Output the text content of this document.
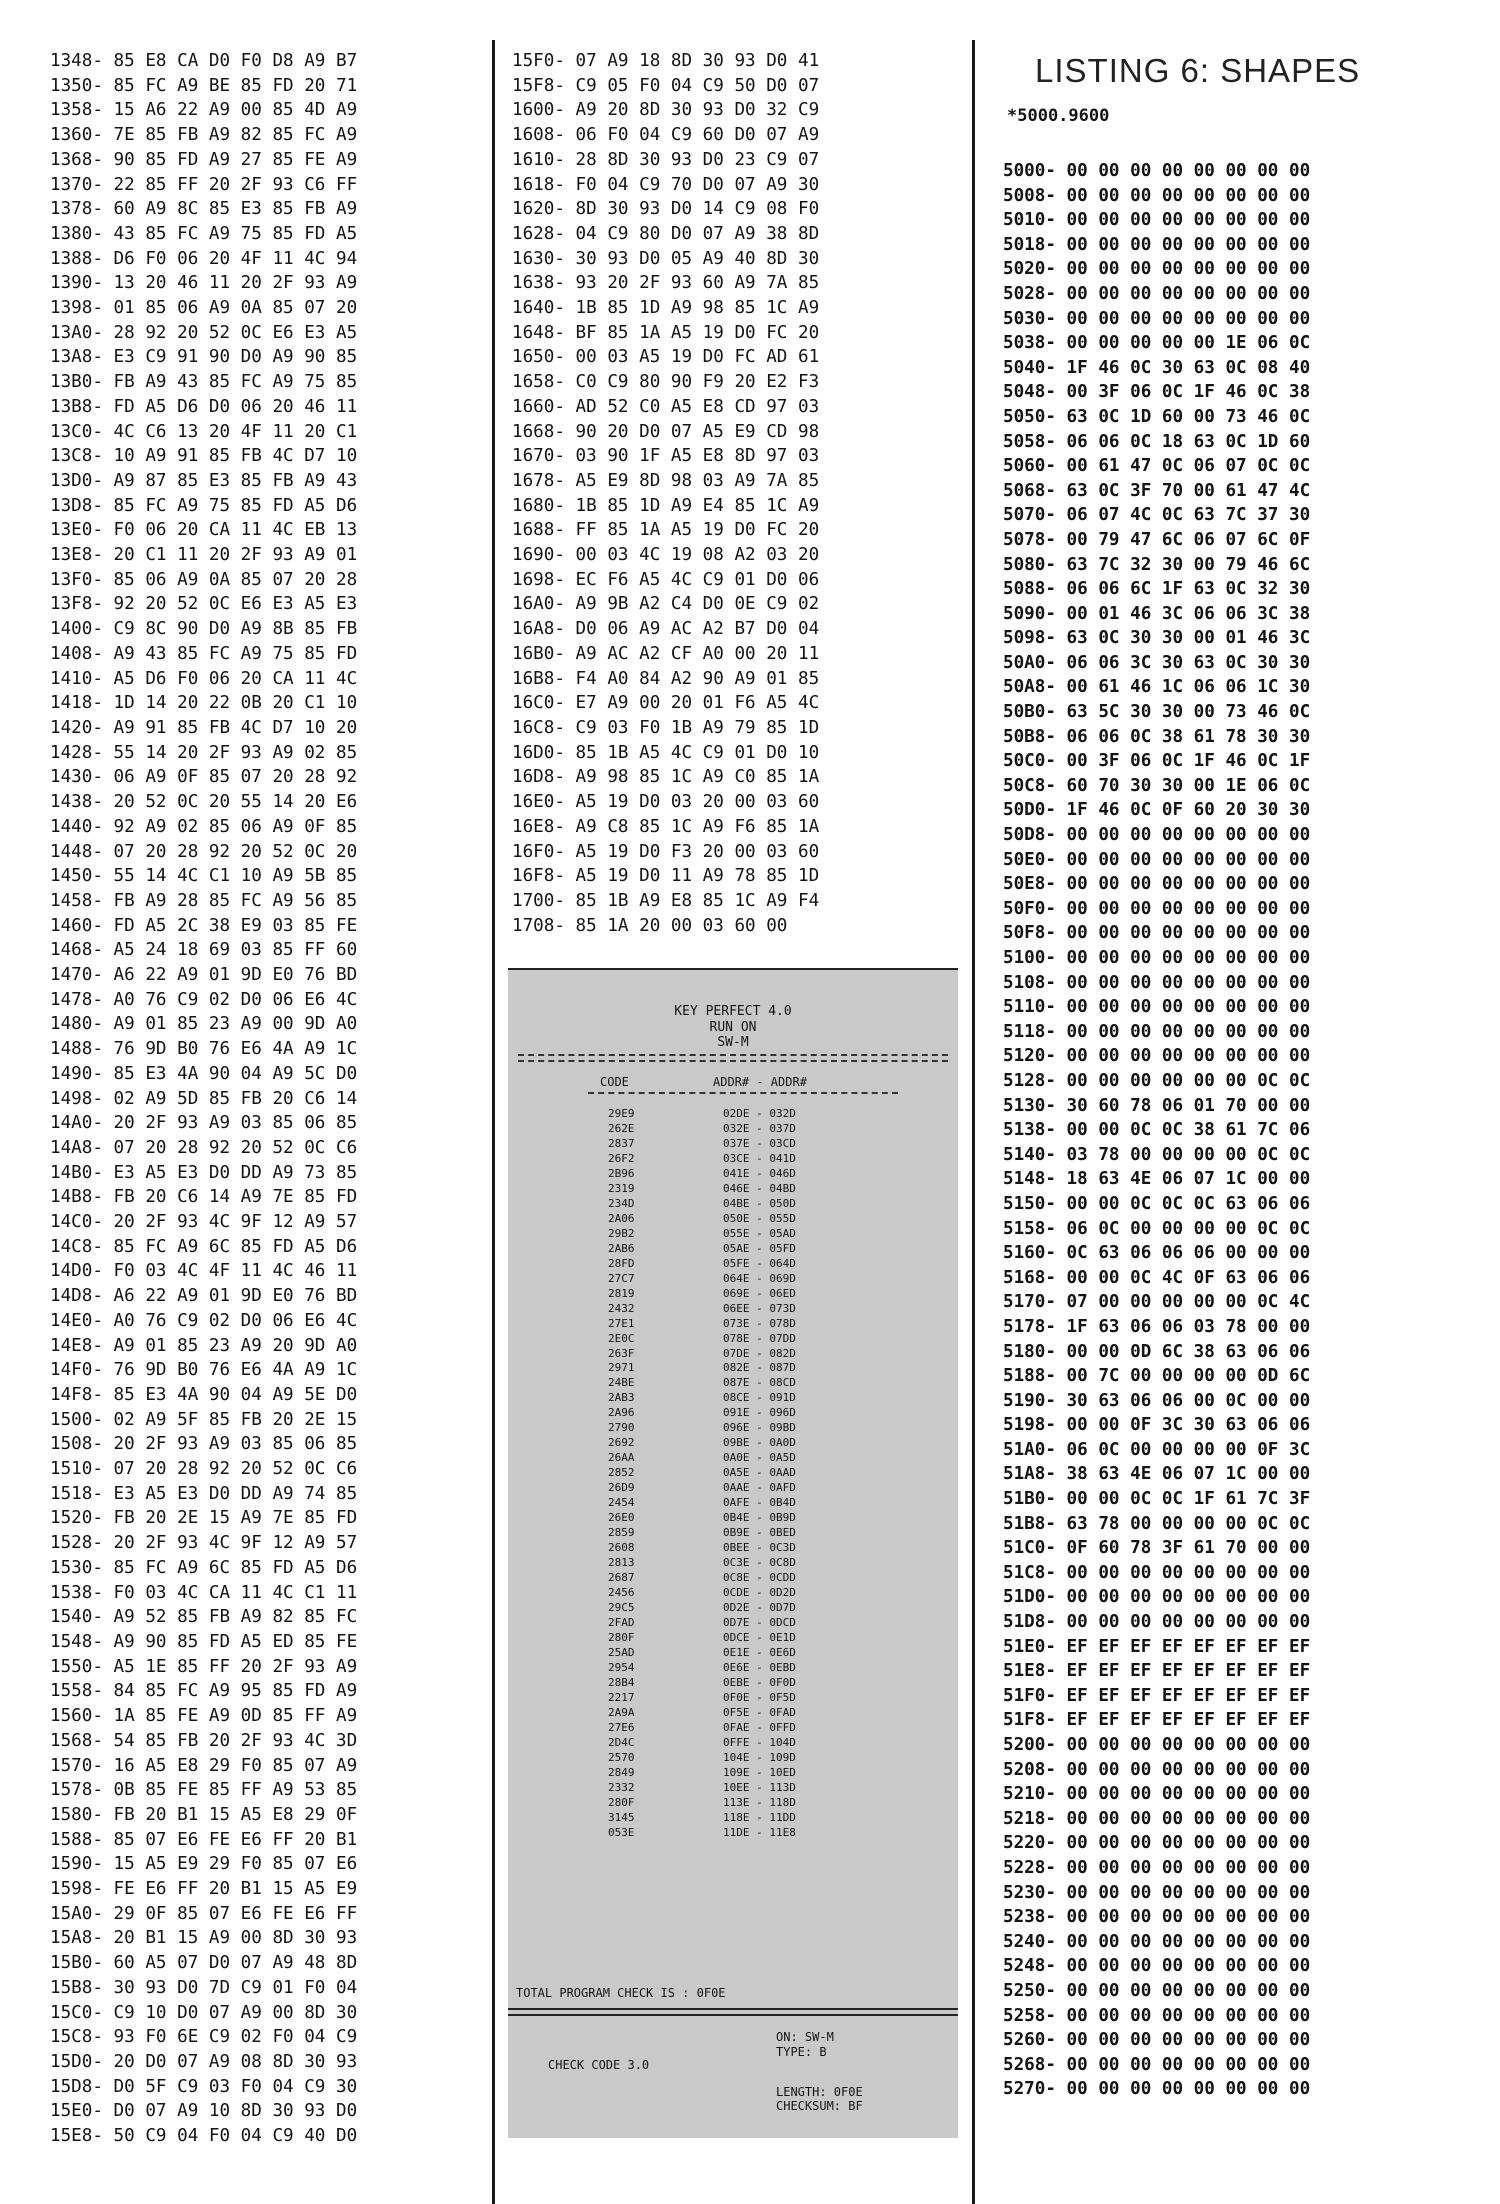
1348- 85 E8 CA D0 F0 D8 A9 B7
1350- 85 FC A9 BE 85 FD 20 71
1358- 15 A6 22 A9 00 85 4D A9
1360- 7E 85 FB A9 82 85 FC A9
1368- 90 85 FD A9 27 85 FE A9
1370- 22 85 FF 20 2F 93 C6 FF
1378- 60 A9 8C 85 E3 85 FB A9
1380- 43 85 FC A9 75 85 FD A5
1388- D6 F0 06 20 4F 11 4C 94
1390- 13 20 46 11 20 2F 93 A9
1398- 01 85 06 A9 0A 85 07 20
13A0- 28 92 20 52 0C E6 E3 A5
13A8- E3 C9 91 90 D0 A9 90 85
13B0- FB A9 43 85 FC A9 75 85
13B8- FD A5 D6 D0 06 20 46 11
13C0- 4C C6 13 20 4F 11 20 C1
13C8- 10 A9 91 85 FB 4C D7 10
13D0- A9 87 85 E3 85 FB A9 43
13D8- 85 FC A9 75 85 FD A5 D6
13E0- F0 06 20 CA 11 4C EB 13
13E8- 20 C1 11 20 2F 93 A9 01
13F0- 85 06 A9 0A 85 07 20 28
13F8- 92 20 52 0C E6 E3 A5 E3
1400- C9 8C 90 D0 A9 8B 85 FB
1408- A9 43 85 FC A9 75 85 FD
1410- A5 D6 F0 06 20 CA 11 4C
1418- 1D 14 20 22 0B 20 C1 10
1420- A9 91 85 FB 4C D7 10 20
1428- 55 14 20 2F 93 A9 02 85
1430- 06 A9 0F 85 07 20 28 92
1438- 20 52 0C 20 55 14 20 E6
1440- 92 A9 02 85 06 A9 0F 85
1448- 07 20 28 92 20 52 0C 20
1450- 55 14 4C C1 10 A9 5B 85
1458- FB A9 28 85 FC A9 56 85
1460- FD A5 2C 38 E9 03 85 FE
1468- A5 24 18 69 03 85 FF 60
1470- A6 22 A9 01 9D E0 76 BD
1478- A0 76 C9 02 D0 06 E6 4C
1480- A9 01 85 23 A9 00 9D A0
1488- 76 9D B0 76 E6 4A A9 1C
1490- 85 E3 4A 90 04 A9 5C D0
1498- 02 A9 5D 85 FB 20 C6 14
14A0- 20 2F 93 A9 03 85 06 85
14A8- 07 20 28 92 20 52 0C C6
14B0- E3 A5 E3 D0 DD A9 73 85
14B8- FB 20 C6 14 A9 7E 85 FD
14C0- 20 2F 93 4C 9F 12 A9 57
14C8- 85 FC A9 6C 85 FD A5 D6
14D0- F0 03 4C 4F 11 4C 46 11
14D8- A6 22 A9 01 9D E0 76 BD
14E0- A0 76 C9 02 D0 06 E6 4C
14E8- A9 01 85 23 A9 20 9D A0
14F0- 76 9D B0 76 E6 4A A9 1C
14F8- 85 E3 4A 90 04 A9 5E D0
1500- 02 A9 5F 85 FB 20 2E 15
1508- 20 2F 93 A9 03 85 06 85
1510- 07 20 28 92 20 52 0C C6
1518- E3 A5 E3 D0 DD A9 74 85
1520- FB 20 2E 15 A9 7E 85 FD
1528- 20 2F 93 4C 9F 12 A9 57
1530- 85 FC A9 6C 85 FD A5 D6
1538- F0 03 4C CA 11 4C C1 11
1540- A9 52 85 FB A9 82 85 FC
1548- A9 90 85 FD A5 ED 85 FE
1550- A5 1E 85 FF 20 2F 93 A9
1558- 84 85 FC A9 95 85 FD A9
1560- 1A 85 FE A9 0D 85 FF A9
1568- 54 85 FB 20 2F 93 4C 3D
1570- 16 A5 E8 29 F0 85 07 A9
1578- 0B 85 FE 85 FF A9 53 85
1580- FB 20 B1 15 A5 E8 29 0F
1588- 85 07 E6 FE E6 FF 20 B1
1590- 15 A5 E9 29 F0 85 07 E6
1598- FE E6 FF 20 B1 15 A5 E9
15A0- 29 0F 85 07 E6 FE E6 FF
15A8- 20 B1 15 A9 00 8D 30 93
15B0- 60 A5 07 D0 07 A9 48 8D
15B8- 30 93 D0 7D C9 01 F0 04
15C0- C9 10 D0 07 A9 00 8D 30
15C8- 93 F0 6E C9 02 F0 04 C9
15D0- 20 D0 07 A9 08 8D 30 93
15D8- D0 5F C9 03 F0 04 C9 30
15E0- D0 07 A9 10 8D 30 93 D0
15E8- 50 C9 04 F0 04 C9 40 D0
15F0- 07 A9 18 8D 30 93 D0 41
15F8- C9 05 F0 04 C9 50 D0 07
1600- A9 20 8D 30 93 D0 32 C9
1608- 06 F0 04 C9 60 D0 07 A9
1610- 28 8D 30 93 D0 23 C9 07
1618- F0 04 C9 70 D0 07 A9 30
1620- 8D 30 93 D0 14 C9 08 F0
1628- 04 C9 80 D0 07 A9 38 8D
1630- 30 93 D0 05 A9 40 8D 30
1638- 93 20 2F 93 60 A9 7A 85
1640- 1B 85 1D A9 98 85 1C A9
1648- BF 85 1A A5 19 D0 FC 20
1650- 00 03 A5 19 D0 FC AD 61
1658- C0 C9 80 90 F9 20 E2 F3
1660- AD 52 C0 A5 E8 CD 97 03
1668- 90 20 D0 07 A5 E9 CD 98
1670- 03 90 1F A5 E8 8D 97 03
1678- A5 E9 8D 98 03 A9 7A 85
1680- 1B 85 1D A9 E4 85 1C A9
1688- FF 85 1A A5 19 D0 FC 20
1690- 00 03 4C 19 08 A2 03 20
1698- EC F6 A5 4C C9 01 D0 06
16A0- A9 9B A2 C4 D0 0E C9 02
16A8- D0 06 A9 AC A2 B7 D0 04
16B0- A9 AC A2 CF A0 00 20 11
16B8- F4 A0 84 A2 90 A9 01 85
16C0- E7 A9 00 20 01 F6 A5 4C
16C8- C9 03 F0 1B A9 79 85 1D
16D0- 85 1B A5 4C C9 01 D0 10
16D8- A9 98 85 1C A9 C0 85 1A
16E0- A5 19 D0 03 20 00 03 60
16E8- A9 C8 85 1C A9 F6 85 1A
16F0- A5 19 D0 F3 20 00 03 60
16F8- A5 19 D0 11 A9 78 85 1D
1700- 85 1B A9 E8 85 1C A9 F4
1708- 85 1A 20 00 03 60 00
LISTING 6: SHAPES
*5000.9600
5000- 00 00 00 00 00 00 00 00
5008- 00 00 00 00 00 00 00 00
5010- 00 00 00 00 00 00 00 00
5018- 00 00 00 00 00 00 00 00
5020- 00 00 00 00 00 00 00 00
5028- 00 00 00 00 00 00 00 00
5030- 00 00 00 00 00 00 00 00
5038- 00 00 00 00 00 1E 06 0C
5040- 1F 46 0C 30 63 0C 08 40
5048- 00 3F 06 0C 1F 46 0C 38
5050- 63 0C 1D 60 00 73 46 0C
5058- 06 06 0C 18 63 0C 1D 60
5060- 00 61 47 0C 06 07 0C 0C
5068- 63 0C 3F 70 00 61 47 4C
5070- 06 07 4C 0C 63 7C 37 30
5078- 00 79 47 6C 06 07 6C 0F
5080- 63 7C 32 30 00 79 46 6C
5088- 06 06 6C 1F 63 0C 32 30
5090- 00 01 46 3C 06 06 3C 38
5098- 63 0C 30 30 00 01 46 3C
50A0- 06 06 3C 30 63 0C 30 30
50A8- 00 61 46 1C 06 06 1C 30
50B0- 63 5C 30 30 00 73 46 0C
50B8- 06 06 0C 38 61 78 30 30
50C0- 00 3F 06 0C 1F 46 0C 1F
50C8- 60 70 30 30 00 1E 06 0C
50D0- 1F 46 0C 0F 60 20 30 30
50D8- 00 00 00 00 00 00 00 00
50E0- 00 00 00 00 00 00 00 00
50E8- 00 00 00 00 00 00 00 00
50F0- 00 00 00 00 00 00 00 00
50F8- 00 00 00 00 00 00 00 00
5100- 00 00 00 00 00 00 00 00
5108- 00 00 00 00 00 00 00 00
5110- 00 00 00 00 00 00 00 00
5118- 00 00 00 00 00 00 00 00
5120- 00 00 00 00 00 00 00 00
5128- 00 00 00 00 00 00 0C 0C
5130- 30 60 78 06 01 70 00 00
5138- 00 00 0C 0C 38 61 7C 06
5140- 03 78 00 00 00 00 0C 0C
5148- 18 63 4E 06 07 1C 00 00
5150- 00 00 0C 0C 0C 63 06 06
5158- 06 0C 00 00 00 00 0C 0C
5160- 0C 63 06 06 06 00 00 00
5168- 00 00 0C 4C 0F 63 06 06
5170- 07 00 00 00 00 00 0C 4C
5178- 1F 63 06 06 03 78 00 00
5180- 00 00 0D 6C 38 63 06 06
5188- 00 7C 00 00 00 00 0D 6C
5190- 30 63 06 06 00 0C 00 00
5198- 00 00 0F 3C 30 63 06 06
51A0- 06 0C 00 00 00 00 0F 3C
51A8- 38 63 4E 06 07 1C 00 00
51B0- 00 00 0C 0C 1F 61 7C 3F
51B8- 63 78 00 00 00 00 0C 0C
51C0- 0F 60 78 3F 61 70 00 00
51C8- 00 00 00 00 00 00 00 00
51D0- 00 00 00 00 00 00 00 00
51D8- 00 00 00 00 00 00 00 00
51E0- EF EF EF EF EF EF EF EF
51E8- EF EF EF EF EF EF EF EF
51F0- EF EF EF EF EF EF EF EF
51F8- EF EF EF EF EF EF EF EF
5200- 00 00 00 00 00 00 00 00
5208- 00 00 00 00 00 00 00 00
5210- 00 00 00 00 00 00 00 00
5218- 00 00 00 00 00 00 00 00
5220- 00 00 00 00 00 00 00 00
5228- 00 00 00 00 00 00 00 00
5230- 00 00 00 00 00 00 00 00
5238- 00 00 00 00 00 00 00 00
5240- 00 00 00 00 00 00 00 00
5248- 00 00 00 00 00 00 00 00
5250- 00 00 00 00 00 00 00 00
5258- 00 00 00 00 00 00 00 00
5260- 00 00 00 00 00 00 00 00
5268- 00 00 00 00 00 00 00 00
5270- 00 00 00 00 00 00 00 00
KEY PERFECT 4.0
RUN ON
SW-M
CODE	ADDR# - ADDR#
29E9	02DE - 032D
262E	032E - 037D
2837	037E - 03CD
26F2	03CE - 041D
2B96	041E - 046D
2319	046E - 04BD
234D	04BE - 050D
2A06	050E - 055D
29B2	055E - 05AD
2AB6	05AE - 05FD
28FD	05FE - 064D
27C7	064E - 069D
2819	069E - 06ED
2432	06EE - 073D
27E1	073E - 078D
2E0C	078E - 07DD
263F	07DE - 082D
2971	082E - 087D
24BE	087E - 08CD
2AB3	08CE - 091D
2A96	091E - 096D
2790	096E - 09BD
2692	09BE - 0A0D
26AA	0A0E - 0A5D
2852	0A5E - 0AAD
26D9	0AAE - 0AFD
2454	0AFE - 0B4D
26E0	0B4E - 0B9D
2859	0B9E - 0BED
2608	0BEE - 0C3D
2813	0C3E - 0C8D
2687	0C8E - 0CDD
2456	0CDE - 0D2D
29C5	0D2E - 0D7D
2FAD	0D7E - 0DCD
280F	0DCE - 0E1D
25AD	0E1E - 0E6D
2954	0E6E - 0EBD
28B4	0EBE - 0F0D
2217	0F0E - 0F5D
2A9A	0F5E - 0FAD
27E6	0FAE - 0FFD
2D4C	0FFE - 104D
2570	104E - 109D
2849	109E - 10ED
2332	10EE - 113D
280F	113E - 118D
3145	118E - 11DD
053E	11DE - 11E8
TOTAL PROGRAM CHECK IS : 0F0E
ON: SW-M
TYPE: B
CHECK CODE 3.0
LENGTH: 0F0E
CHECKSUM: BF
